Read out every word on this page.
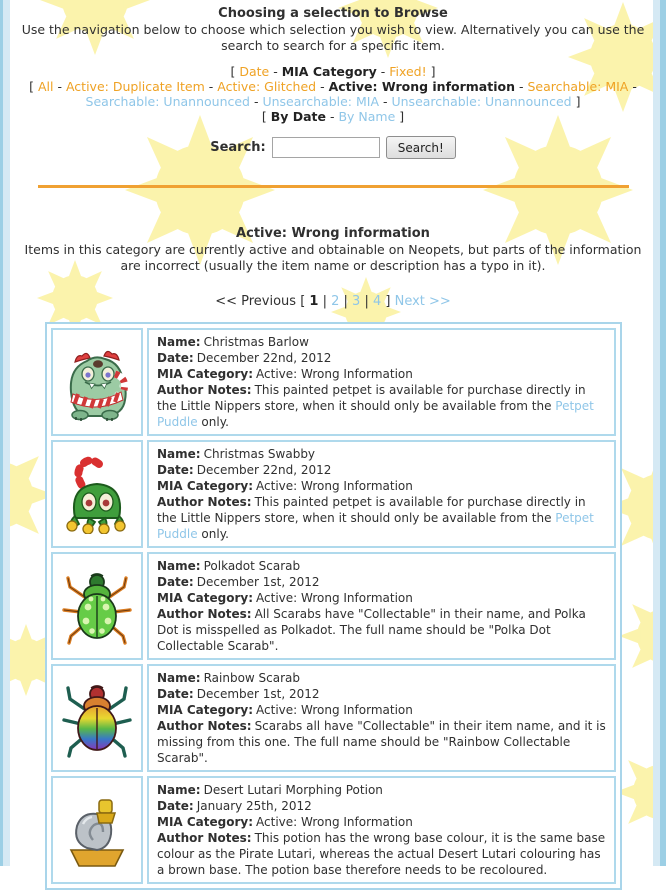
Choosing a selection to Browse
Use the navigation below to choose which selection you wish to view. Alternatively you can use the
search to search for a specific item.
[ Date - MIA Category - Fixed! ]
[ All - Active: Duplicate Item - Active: Glitched - Active: Wrong information - Searchable: MIA -
Searchable: Unannounced - Unsearchable: MIA - Unsearchable: Unannounced ]
[ By Date - By Name ]
Search:	Search!
Active: Wrong information
Items in this category are currently active and obtainable on Neopets, but parts of the information
are incorrect (usually the item name or description has a typo in it).
<< Previous [ 1 | 2 | 3 | 4 ] Next >>
Name: Christmas Barlow
Date: December 22nd, 2012
MIA Category: Active: Wrong Information
Author Notes: This painted petpet is available for purchase directly in the Little Nippers store, when it should only be available from the Petpet Puddle only.
Name: Christmas Swabby
Date: December 22nd, 2012
MIA Category: Active: Wrong Information
Author Notes: This painted petpet is available for purchase directly in the Little Nippers store, when it should only be available from the Petpet Puddle only.
Name: Polkadot Scarab
Date: December 1st, 2012
MIA Category: Active: Wrong Information
Author Notes: All Scarabs have "Collectable" in their name, and Polka Dot is misspelled as Polkadot. The full name should be "Polka Dot Collectable Scarab".
Name: Rainbow Scarab
Date: December 1st, 2012
MIA Category: Active: Wrong Information
Author Notes: Scarabs all have "Collectable" in their item name, and it is missing from this one. The full name should be "Rainbow Collectable Scarab".
Name: Desert Lutari Morphing Potion
Date: January 25th, 2012
MIA Category: Active: Wrong Information
Author Notes: This potion has the wrong base colour, it is the same base colour as the Pirate Lutari, whereas the actual Desert Lutari colouring has a brown base. The potion base therefore needs to be recoloured.
